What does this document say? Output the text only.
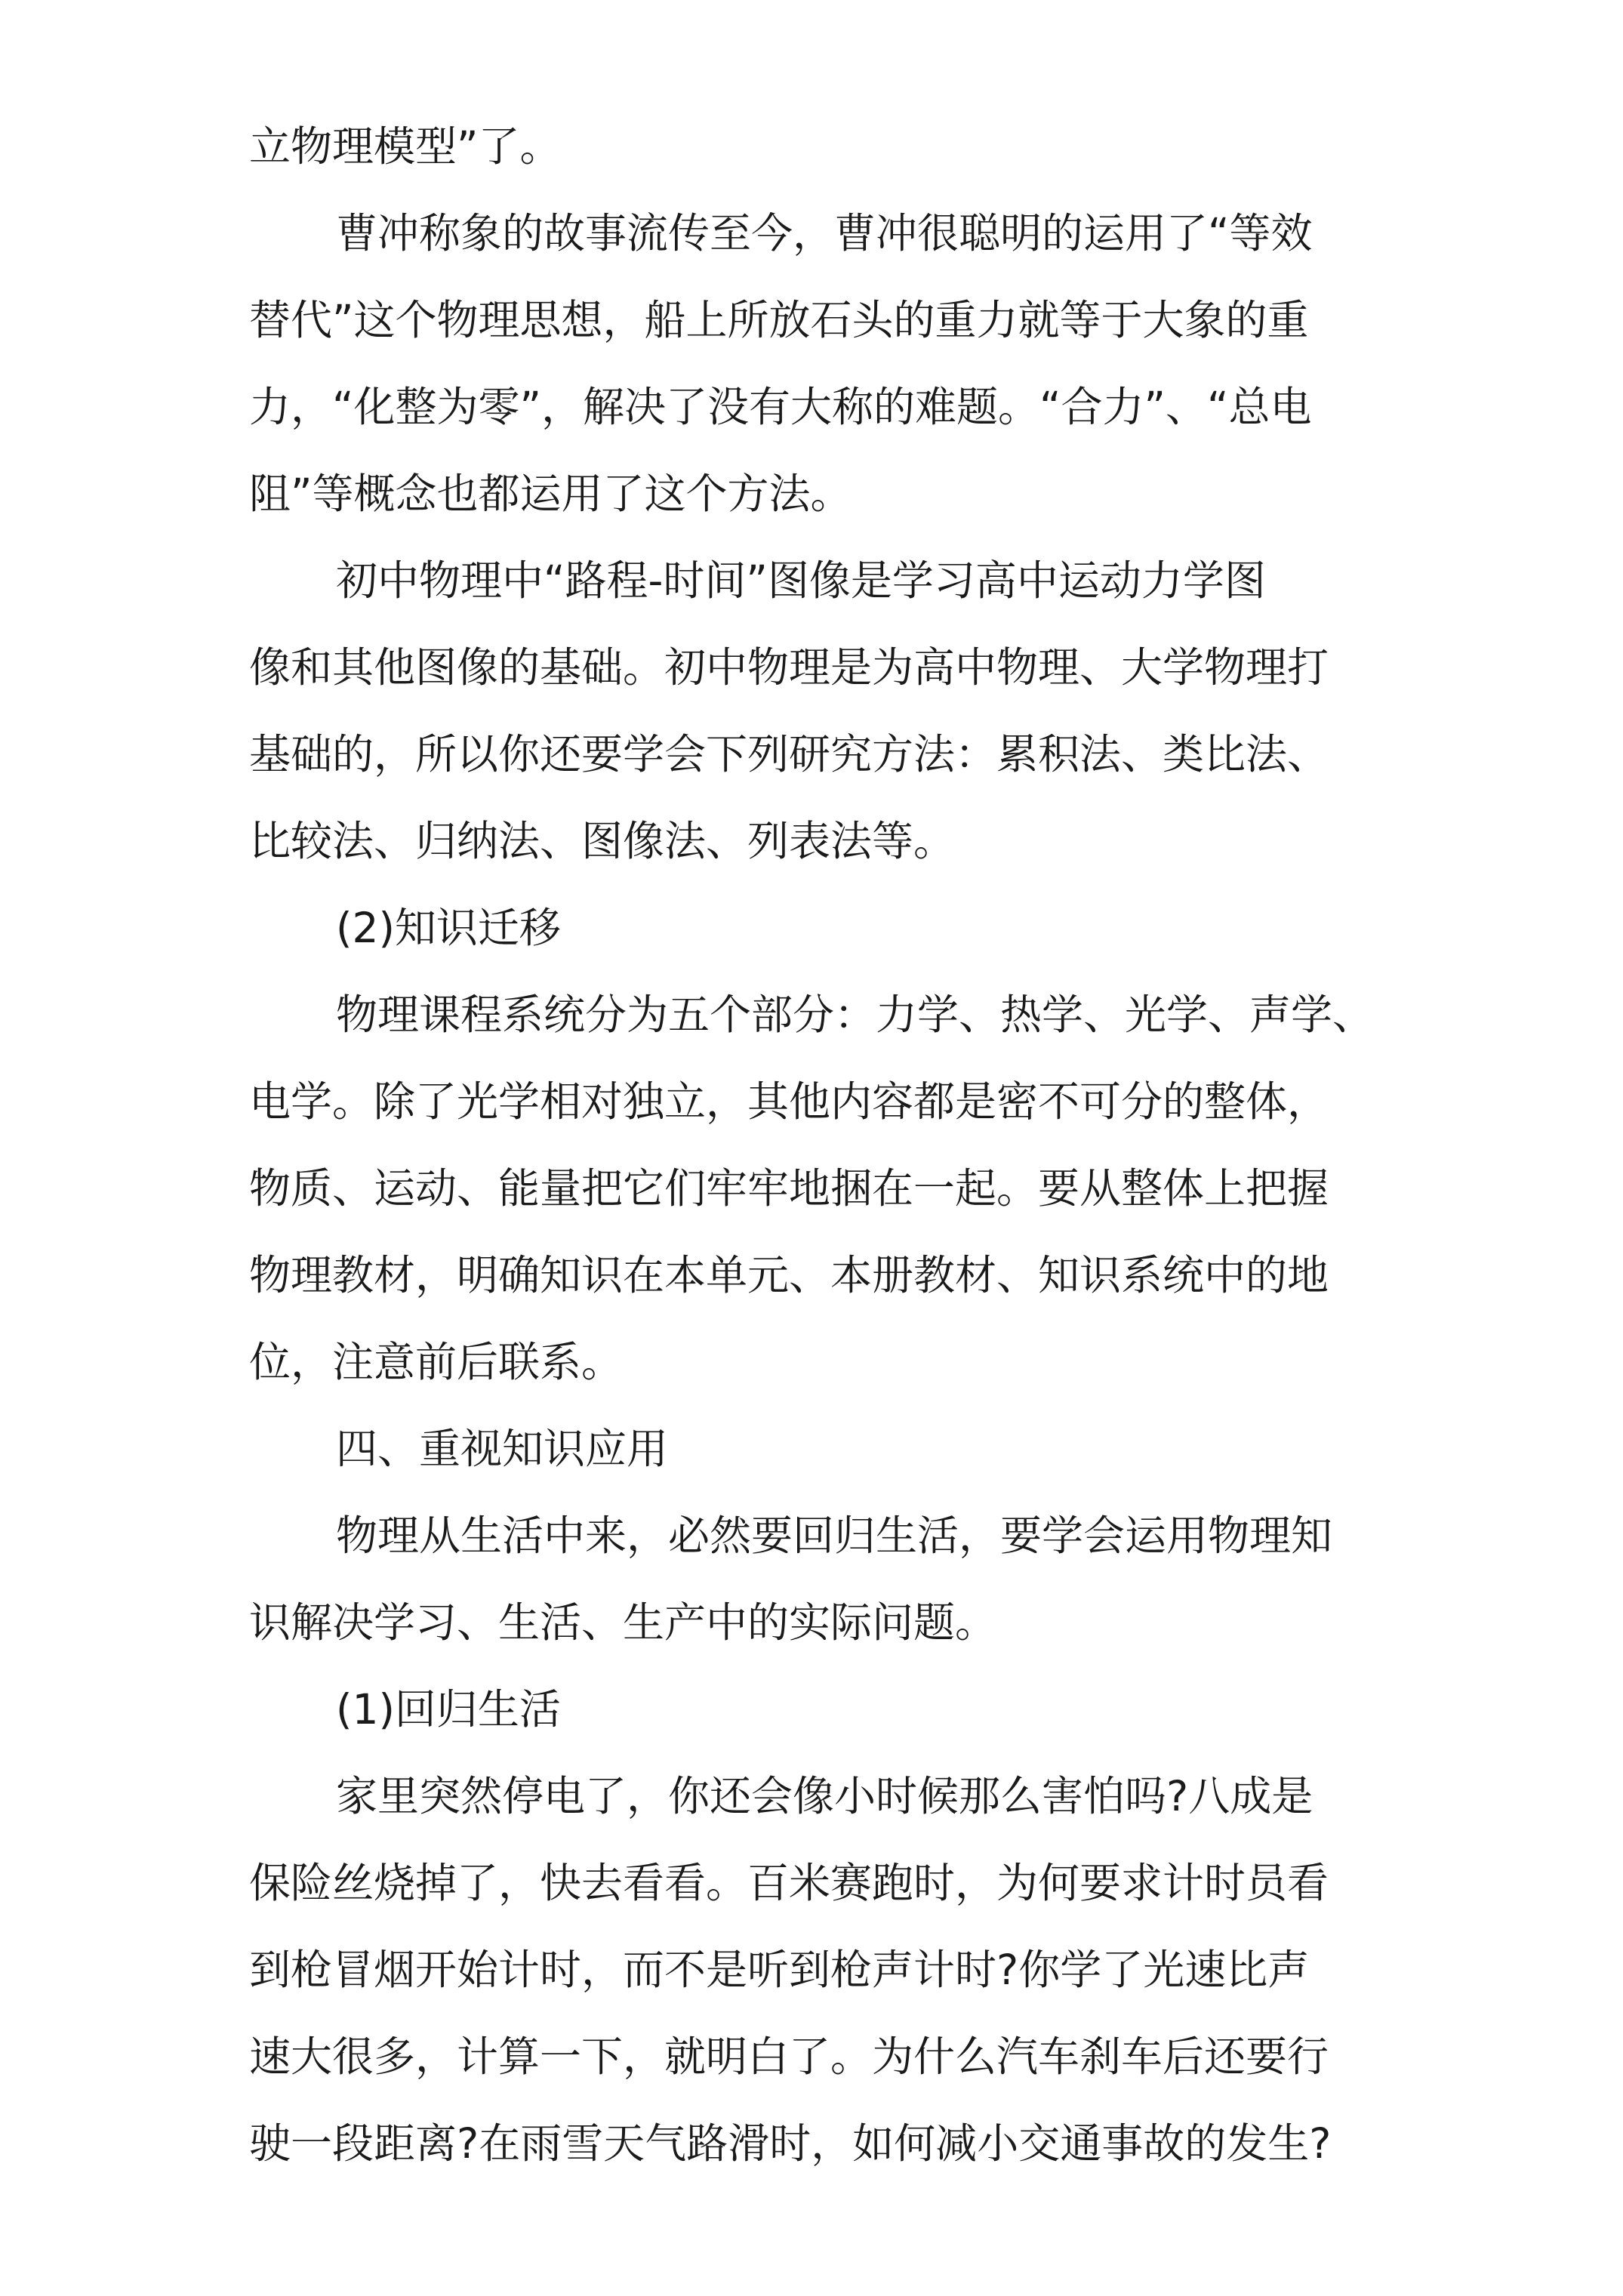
立物理模型”了。
曹冲称象的故事流传至今，曹冲很聪明的运用了“等效
替代”这个物理思想，船上所放石头的重力就等于大象的重
力，“化整为零”，解决了没有大称的难题。“合力”、“总电
阻”等概念也都运用了这个方法。
初中物理中“路程-时间”图像是学习高中运动力学图
像和其他图像的基础。初中物理是为高中物理、大学物理打
基础的，所以你还要学会下列研究方法：累积法、类比法、
比较法、归纳法、图像法、列表法等。
(2)知识迁移
物理课程系统分为五个部分：力学、热学、光学、声学、
电学。除了光学相对独立，其他内容都是密不可分的整体，
物质、运动、能量把它们牢牢地捆在一起。要从整体上把握
物理教材，明确知识在本单元、本册教材、知识系统中的地
位，注意前后联系。
四、重视知识应用
物理从生活中来，必然要回归生活，要学会运用物理知
识解决学习、生活、生产中的实际问题。
(1)回归生活
家里突然停电了，你还会像小时候那么害怕吗?八成是
保险丝烧掉了，快去看看。百米赛跑时，为何要求计时员看
到枪冒烟开始计时，而不是听到枪声计时?你学了光速比声
速大很多，计算一下，就明白了。为什么汽车刹车后还要行
驶一段距离?在雨雪天气路滑时，如何减小交通事故的发生?
